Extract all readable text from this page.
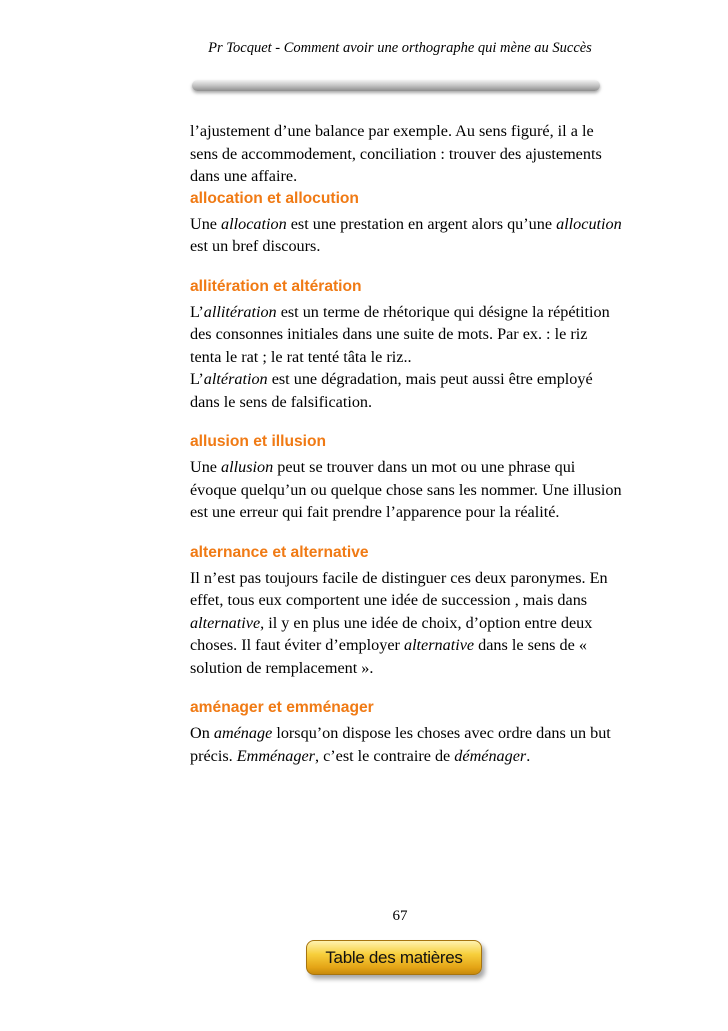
Pr Tocquet - Comment avoir une orthographe qui mène au Succès

l’ajustement d’une balance par exemple. Au sens figuré, il a le sens de accommodement, conciliation : trouver des ajustements dans une affaire.

allocation et allocution

Une allocation est une prestation en argent alors qu’une allocution est un bref discours.

allitération et altération

L’allitération est un terme de rhétorique qui désigne la répétition des consonnes initiales dans une suite de mots. Par ex. : le riz tenta le rat ; le rat tenté tâta le riz..

L’altération est une dégradation, mais peut aussi être employé dans le sens de falsification.

allusion et illusion

Une allusion peut se trouver dans un mot ou une phrase qui évoque quelqu’un ou quelque chose sans les nommer. Une illusion est une erreur qui fait prendre l’apparence pour la réalité.

alternance et alternative

Il n’est pas toujours facile de distinguer ces deux paronymes. En effet, tous eux comportent une idée de succession , mais dans alternative, il y en plus une idée de choix, d’option entre deux choses. Il faut éviter d’employer alternative dans le sens de « solution de remplacement ».

aménager et emménager

On aménage lorsqu’on dispose les choses avec ordre dans un but précis. Emménager, c’est le contraire de déménager.

67
Table des matières
